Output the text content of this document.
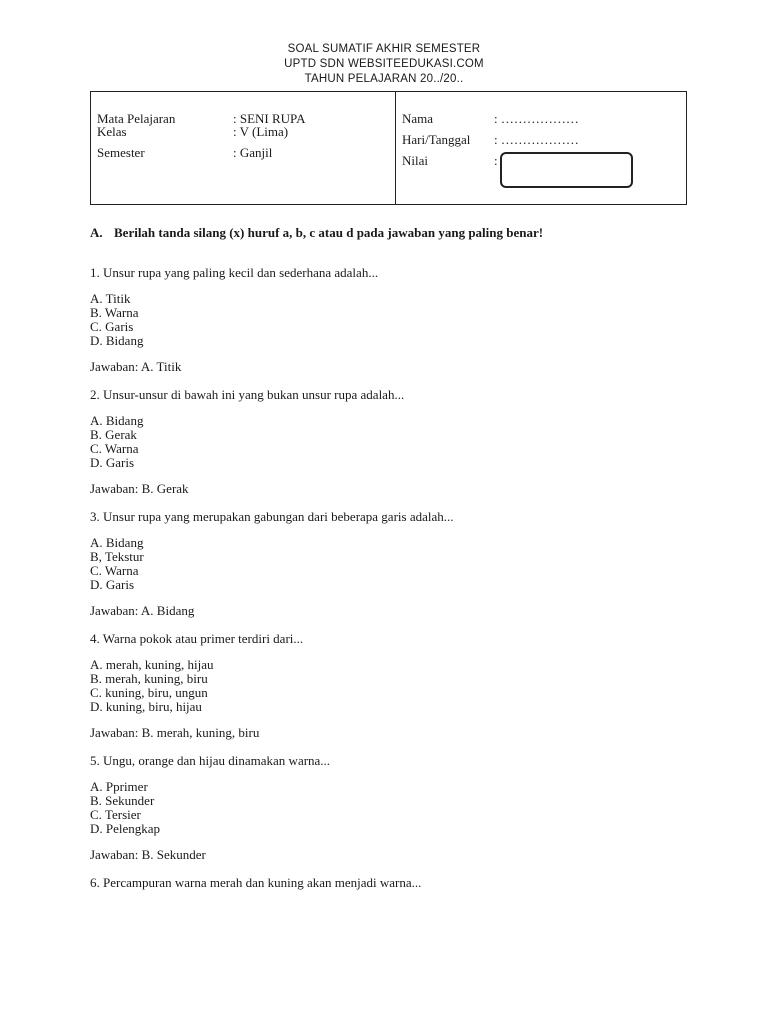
SOAL SUMATIF AKHIR SEMESTER
UPTD SDN WEBSITEEDUKASI.COM
TAHUN PELAJARAN 20../20..
Mata Pelajaran	: SENI RUPA
Kelas	: V (Lima)
Semester	: Ganjil
Nama	: ………………
Hari/Tanggal : ………………
Nilai	:
A. Berilah tanda silang (x) huruf a, b, c atau d pada jawaban yang paling benar!
1. Unsur rupa yang paling kecil dan sederhana adalah...
A. Titik
B. Warna
C. Garis
D. Bidang
Jawaban: A. Titik
2. Unsur-unsur di bawah ini yang bukan unsur rupa adalah...
A. Bidang
B. Gerak
C. Warna
D. Garis
Jawaban: B. Gerak
3. Unsur rupa yang merupakan gabungan dari beberapa garis adalah...
A. Bidang
B, Tekstur
C. Warna
D. Garis
Jawaban: A. Bidang
4. Warna pokok atau primer terdiri dari...
A. merah, kuning, hijau
B. merah, kuning, biru
C. kuning, biru, ungun
D. kuning, biru, hijau
Jawaban: B. merah, kuning, biru
5. Ungu, orange dan hijau dinamakan warna...
A. Pprimer
B. Sekunder
C. Tersier
D. Pelengkap
Jawaban: B. Sekunder
6. Percampuran warna merah dan kuning akan menjadi warna...
